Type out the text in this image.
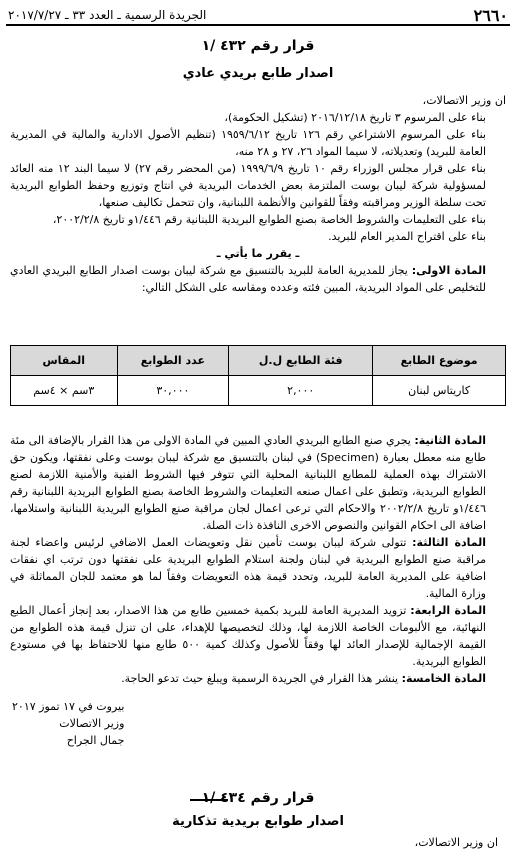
٢٦٦٠
الجريدة الرسمية ـ العدد ٣٣ ـ ٢٠١٧/٧/٢٧
قرار رقم ٤٣٢ /١
اصدار طابع بريدي عادي

ان وزير الاتصالات،

بناء على المرسوم ٣ تاريخ ٢٠١٦/١٢/١٨ (تشكيل الحكومة)،

بناء على المرسوم الاشتراعي رقم ١٢٦ تاريخ ١٩٥٩/٦/١٢ (تنظيم الأصول الادارية والمالية في المديرية العامة للبريد) وتعديلاته، لا سيما المواد ٢٦، ٢٧ و ٢٨ منه،

بناء على قرار مجلس الوزراء رقم ١٠ تاريخ ١٩٩٩/٦/٩ (من المحضر رقم ٢٧) لا سيما البند ١٢ منه العائد لمسؤولية شركة ليبان بوست الملتزمة بعض الخدمات البريدية في انتاج وتوزيع وحفظ الطوابع البريدية تحت سلطة الوزير ومراقبته وفقاً للقوانين والأنظمة اللبنانية، وان تتحمل تكاليف صنعها،

بناء على التعليمات والشروط الخاصة بصنع الطوابع البريدية اللبنانية رقم ١/٤٤٦و تاريخ ٢٠٠٢/٢/٨،

بناء على اقتراح المدير العام للبريد.

ـ يقرر ما يأتي ـ

المادة الاولى: يجاز للمديرية العامة للبريد بالتنسيق مع شركة ليبان بوست اصدار الطابع البريدي العادي للتخليص على المواد البريدية، المبين فئته وعدده ومقاسه على الشكل التالي:

موضوع الطابع	فئة الطابع ل.ل	عدد الطوابع	المقاس
كاريتاس لبنان	٢,٠٠٠	٣٠,٠٠٠	٣سم × ٤سم

المادة الثانية: يجري صنع الطابع البريدي العادي المبين في المادة الاولى من هذا القرار بالإضافة الى مئة طابع منه معطل بعبارة (Specimen) في لبنان بالتنسيق مع شركة ليبان بوست وعلى نفقتها، ويكون حق الاشتراك بهذه العملية للمطابع اللبنانية المحلية التي تتوفر فيها الشروط الفنية والأمنية اللازمة لصنع الطوابع البريدية، وتطبق على اعمال صنعه التعليمات والشروط الخاصة بصنع الطوابع البريدية اللبنانية رقم ١/٤٤٦و تاريخ ٢٠٠٢/٢/٨ والاحكام التي ترعى اعمال لجان مراقبة صنع الطوابع البريدية اللبنانية واستلامها، اضافة الى احكام القوانين والنصوص الاخرى النافذة ذات الصلة.

المادة الثالثة: تتولى شركة ليبان بوست تأمين نقل وتعويضات العمل الاضافي لرئيس واعضاء لجنة مراقبة صنع الطوابع البريدية في لبنان ولجنة استلام الطوابع البريدية على نفقتها دون ترتب اي نفقات اضافية على المديرية العامة للبريد، وتحدد قيمة هذه التعويضات وفقاً لما هو معتمد للجان المماثلة في وزارة المالية.

المادة الرابعة: تزويد المديرية العامة للبريد بكمية خمسين طابع من هذا الاصدار، بعد إنجاز أعمال الطبع النهائية، مع الألبومات الخاصة اللازمة لها، وذلك لتخصيصها للإهداء، على ان تنزل قيمة هذه الطوابع من القيمة الإجمالية للإصدار العائد لها وفقاً للأصول وكذلك كمية ٥٠٠ طابع منها للاحتفاظ بها في مستودع الطوابع البريدية.

المادة الخامسة: ينشر هذا القرار في الجريدة الرسمية ويبلغ حيث تدعو الحاجة.

بيروت في ١٧ تموز ٢٠١٧
وزير الاتصالات
جمال الجراح
قرار رقم ٤٣٤ /١
اصدار طوابع بريدية تذكارية
ان وزير الاتصالات،
